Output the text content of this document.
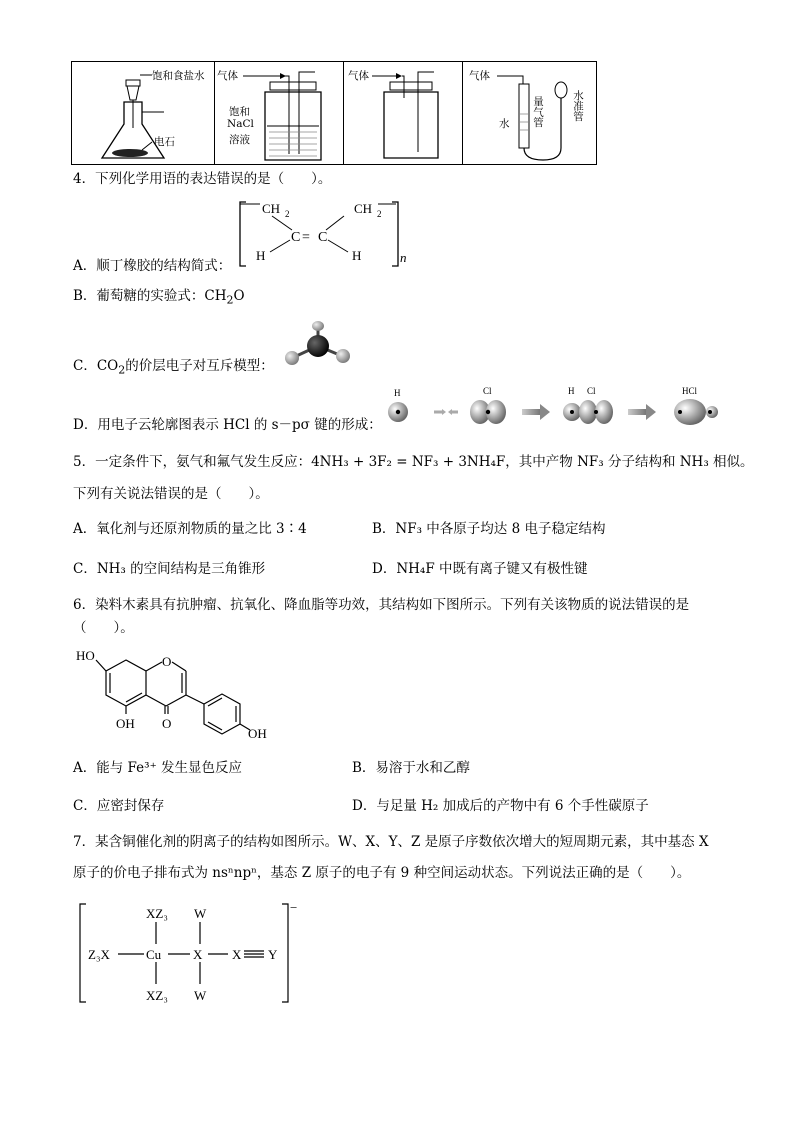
饱和食盐水
电石
气体
饱和
NaCl
溶液
气体	气体
水 量气管	水准管
4．下列化学用语的表达错误的是（　　）。
CH 2	CH 2
C = C
H	H	n
A．顺丁橡胶的结构简式：
B．葡萄糖的实验式：$CH_2O$
C．$CO_2$的价层电子对互斥模型：
D．用电子云轮廓图表示 HCl 的 s－pσ 键的形成：
H	Cl	H Cl	HCl
5．一定条件下，氨气和氟气发生反应：4NH₃ + 3F₂ = NF₃ + 3NH₄F，其中产物 NF₃ 分子结构和 NH₃ 相似。
下列有关说法错误的是（　　）。
A．氧化剂与还原剂物质的量之比 3∶4	B．NF₃ 中各原子均达 8 电子稳定结构
C．NH₃ 的空间结构是三角锥形	D．NH₄F 中既有离子键又有极性键
6．染料木素具有抗肿瘤、抗氧化、降血脂等功效，其结构如下图所示。下列有关该物质的说法错误的是
（　　）。
HO	O
O
OH
OH
A．能与 Fe³⁺ 发生显色反应	B．易溶于水和乙醇
C．应密封保存	D．与足量 H₂ 加成后的产物中有 6 个手性碳原子
7．某含铜催化剂的阴离子的结构如图所示。W、X、Y、Z 是原子序数依次增大的短周期元素，其中基态 X
原子的价电子排布式为 nsⁿnpⁿ，基态 Z 原子的电子有 9 种空间运动状态。下列说法正确的是（　　）。
XZ₃ W
Z₃X	Cu X X Y
XZ₃ W
−
